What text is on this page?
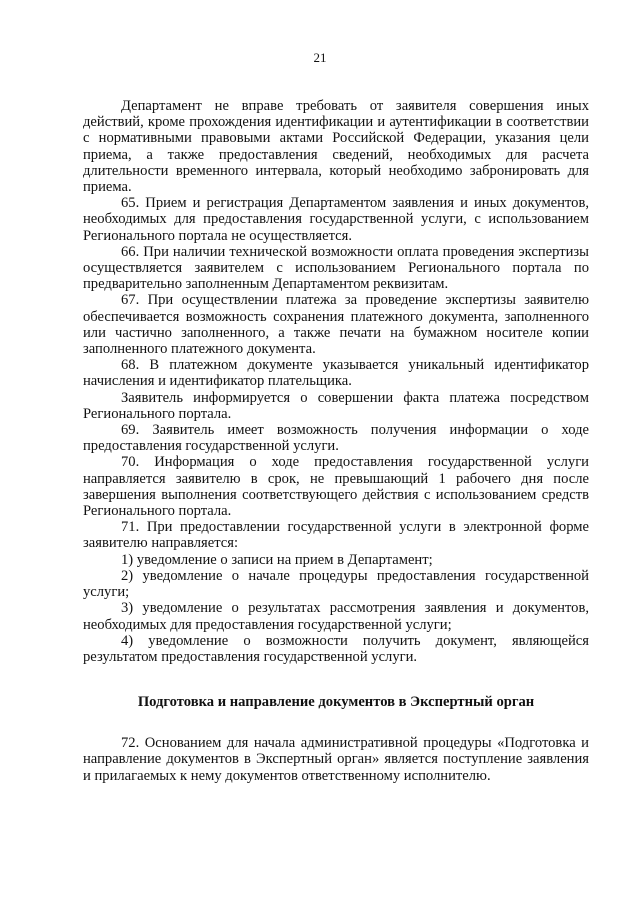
21

Департамент не вправе требовать от заявителя совершения иных действий, кроме прохождения идентификации и аутентификации в соответствии с нормативными правовыми актами Российской Федерации, указания цели приема, а также предоставления сведений, необходимых для расчета длительности временного интервала, который необходимо забронировать для приема.

65. Прием и регистрация Департаментом заявления и иных документов, необходимых для предоставления государственной услуги, с использованием Регионального портала не осуществляется.

66. При наличии технической возможности оплата проведения экспертизы осуществляется заявителем с использованием Регионального портала по предварительно заполненным Департаментом реквизитам.

67. При осуществлении платежа за проведение экспертизы заявителю обеспечивается возможность сохранения платежного документа, заполненного или частично заполненного, а также печати на бумажном носителе копии заполненного платежного документа.

68. В платежном документе указывается уникальный идентификатор начисления и идентификатор плательщика.

Заявитель информируется о совершении факта платежа посредством Регионального портала.

69. Заявитель имеет возможность получения информации о ходе предоставления государственной услуги.

70. Информация о ходе предоставления государственной услуги направляется заявителю в срок, не превышающий 1 рабочего дня после завершения выполнения соответствующего действия с использованием средств Регионального портала.

71. При предоставлении государственной услуги в электронной форме заявителю направляется:

1) уведомление о записи на прием в Департамент;

2) уведомление о начале процедуры предоставления государственной услуги;

3) уведомление о результатах рассмотрения заявления и документов, необходимых для предоставления государственной услуги;

4) уведомление о возможности получить документ, являющейся результатом предоставления государственной услуги.

Подготовка и направление документов в Экспертный орган

72. Основанием для начала административной процедуры «Подготовка и направление документов в Экспертный орган» является поступление заявления и прилагаемых к нему документов ответственному исполнителю.
